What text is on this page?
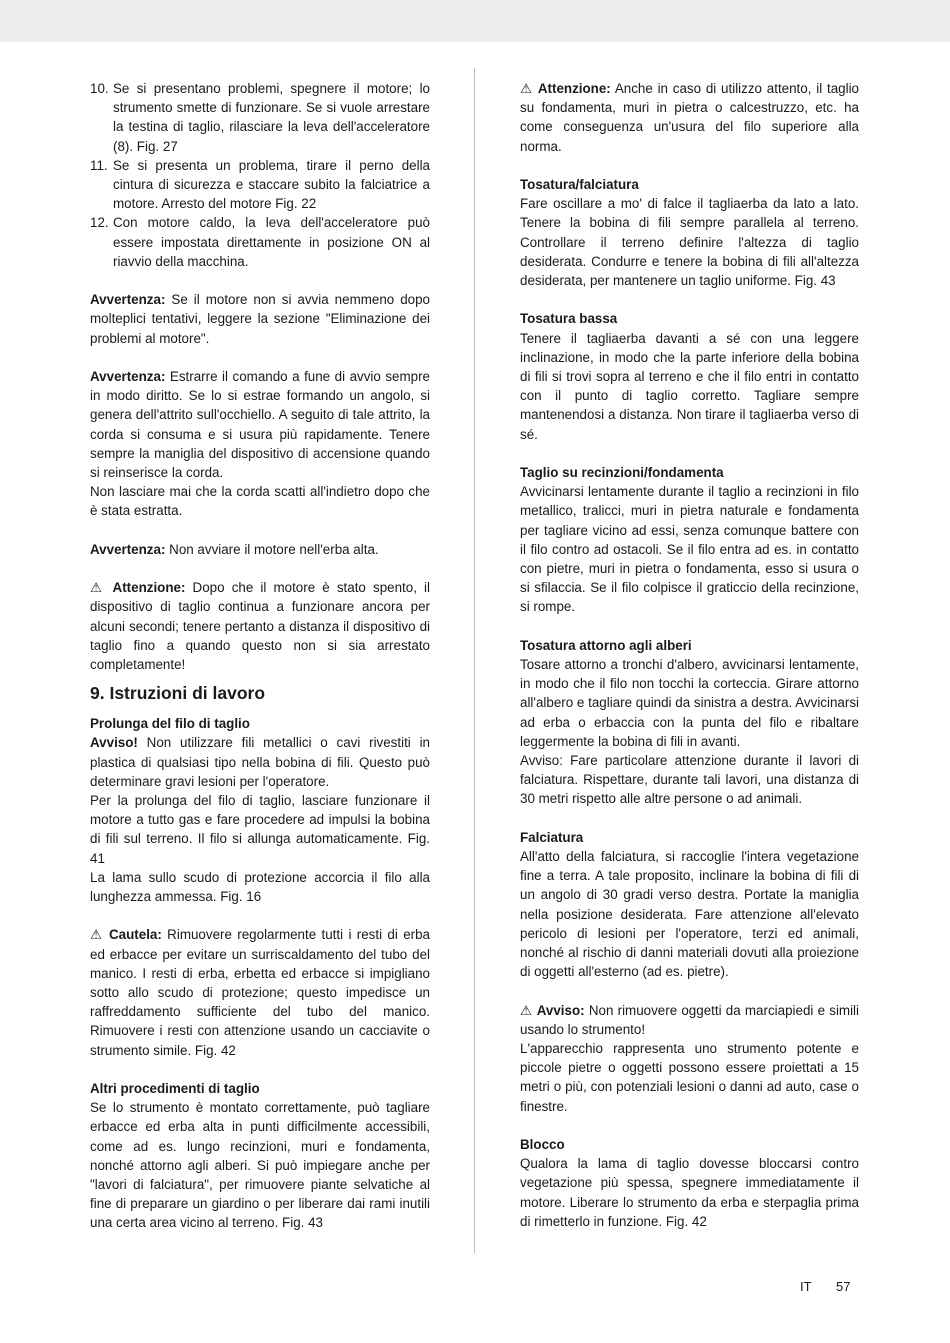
10. Se si presentano problemi, spegnere il motore; lo strumento smette di funzionare. Se si vuole arrestare la testina di taglio, rilasciare la leva dell'acceleratore (8). Fig. 27
11. Se si presenta un problema, tirare il perno della cintura di sicurezza e staccare subito la falciatrice a motore. Arresto del motore Fig. 22
12. Con motore caldo, la leva dell'acceleratore può essere impostata direttamente in posizione ON al riavvio della macchina.

Avvertenza: Se il motore non si avvia nemmeno dopo molteplici tentativi, leggere la sezione "Eliminazione dei problemi al motore".

Avvertenza: Estrarre il comando a fune di avvio sempre in modo diritto. Se lo si estrae formando un angolo, si genera dell'attrito sull'occhiello. A seguito di tale attrito, la corda si consuma e si usura più rapidamente. Tenere sempre la maniglia del dispositivo di accensione quando si reinserisce la corda.

Non lasciare mai che la corda scatti all'indietro dopo che è stata estratta.

Avvertenza: Non avviare il motore nell'erba alta.

⚠ Attenzione: Dopo che il motore è stato spento, il dispositivo di taglio continua a funzionare ancora per alcuni secondi; tenere pertanto a distanza il dispositivo di taglio fino a quando questo non si sia arrestato completamente!

9. Istruzioni di lavoro
Prolunga del filo di taglio

Avviso! Non utilizzare fili metallici o cavi rivestiti in plastica di qualsiasi tipo nella bobina di fili. Questo può determinare gravi lesioni per l'operatore.

Per la prolunga del filo di taglio, lasciare funzionare il motore a tutto gas e fare procedere ad impulsi la bobina di fili sul terreno. Il filo si allunga automaticamente. Fig. 41

La lama sullo scudo di protezione accorcia il filo alla lunghezza ammessa. Fig. 16

⚠ Cautela: Rimuovere regolarmente tutti i resti di erba ed erbacce per evitare un surriscaldamento del tubo del manico. I resti di erba, erbetta ed erbacce si impigliano sotto allo scudo di protezione; questo impedisce un raffreddamento sufficiente del tubo del manico. Rimuovere i resti con attenzione usando un cacciavite o strumento simile. Fig. 42

Altri procedimenti di taglio

Se lo strumento è montato correttamente, può tagliare erbacce ed erba alta in punti difficilmente accessibili, come ad es. lungo recinzioni, muri e fondamenta, nonché attorno agli alberi. Si può impiegare anche per "lavori di falciatura", per rimuovere piante selvatiche al fine di preparare un giardino o per liberare dai rami inutili una certa area vicino al terreno. Fig. 43

⚠ Attenzione: Anche in caso di utilizzo attento, il taglio su fondamenta, muri in pietra o calcestruzzo, etc. ha come conseguenza un'usura del filo superiore alla norma.

Tosatura/falciatura

Fare oscillare a mo' di falce il tagliaerba da lato a lato. Tenere la bobina di fili sempre parallela al terreno. Controllare il terreno definire l'altezza di taglio desiderata. Condurre e tenere la bobina di fili all'altezza desiderata, per mantenere un taglio uniforme. Fig. 43

Tosatura bassa

Tenere il tagliaerba davanti a sé con una leggere inclinazione, in modo che la parte inferiore della bobina di fili si trovi sopra al terreno e che il filo entri in contatto con il punto di taglio corretto. Tagliare sempre mantenendosi a distanza. Non tirare il tagliaerba verso di sé.

Taglio su recinzioni/fondamenta

Avvicinarsi lentamente durante il taglio a recinzioni in filo metallico, tralicci, muri in pietra naturale e fondamenta per tagliare vicino ad essi, senza comunque battere con il filo contro ad ostacoli. Se il filo entra ad es. in contatto con pietre, muri in pietra o fondamenta, esso si usura o si sfilaccia. Se il filo colpisce il graticcio della recinzione, si rompe.

Tosatura attorno agli alberi

Tosare attorno a tronchi d'albero, avvicinarsi lentamente, in modo che il filo non tocchi la corteccia. Girare attorno all'albero e tagliare quindi da sinistra a destra. Avvicinarsi ad erba o erbaccia con la punta del filo e ribaltare leggermente la bobina di fili in avanti.

Avviso: Fare particolare attenzione durante il lavori di falciatura. Rispettare, durante tali lavori, una distanza di 30 metri rispetto alle altre persone o ad animali.

Falciatura

All'atto della falciatura, si raccoglie l'intera vegetazione fine a terra. A tale proposito, inclinare la bobina di fili di un angolo di 30 gradi verso destra. Portate la maniglia nella posizione desiderata. Fare attenzione all'elevato pericolo di lesioni per l'operatore, terzi ed animali, nonché al rischio di danni materiali dovuti alla proiezione di oggetti all'esterno (ad es. pietre).

⚠ Avviso: Non rimuovere oggetti da marciapiedi e simili usando lo strumento!

L'apparecchio rappresenta uno strumento potente e piccole pietre o oggetti possono essere proiettati a 15 metri o più, con potenziali lesioni o danni ad auto, case o finestre.

Blocco

Qualora la lama di taglio dovesse bloccarsi contro vegetazione più spessa, spegnere immediatamente il motore. Liberare lo strumento da erba e sterpaglia prima di rimetterlo in funzione. Fig. 42

IT 57
